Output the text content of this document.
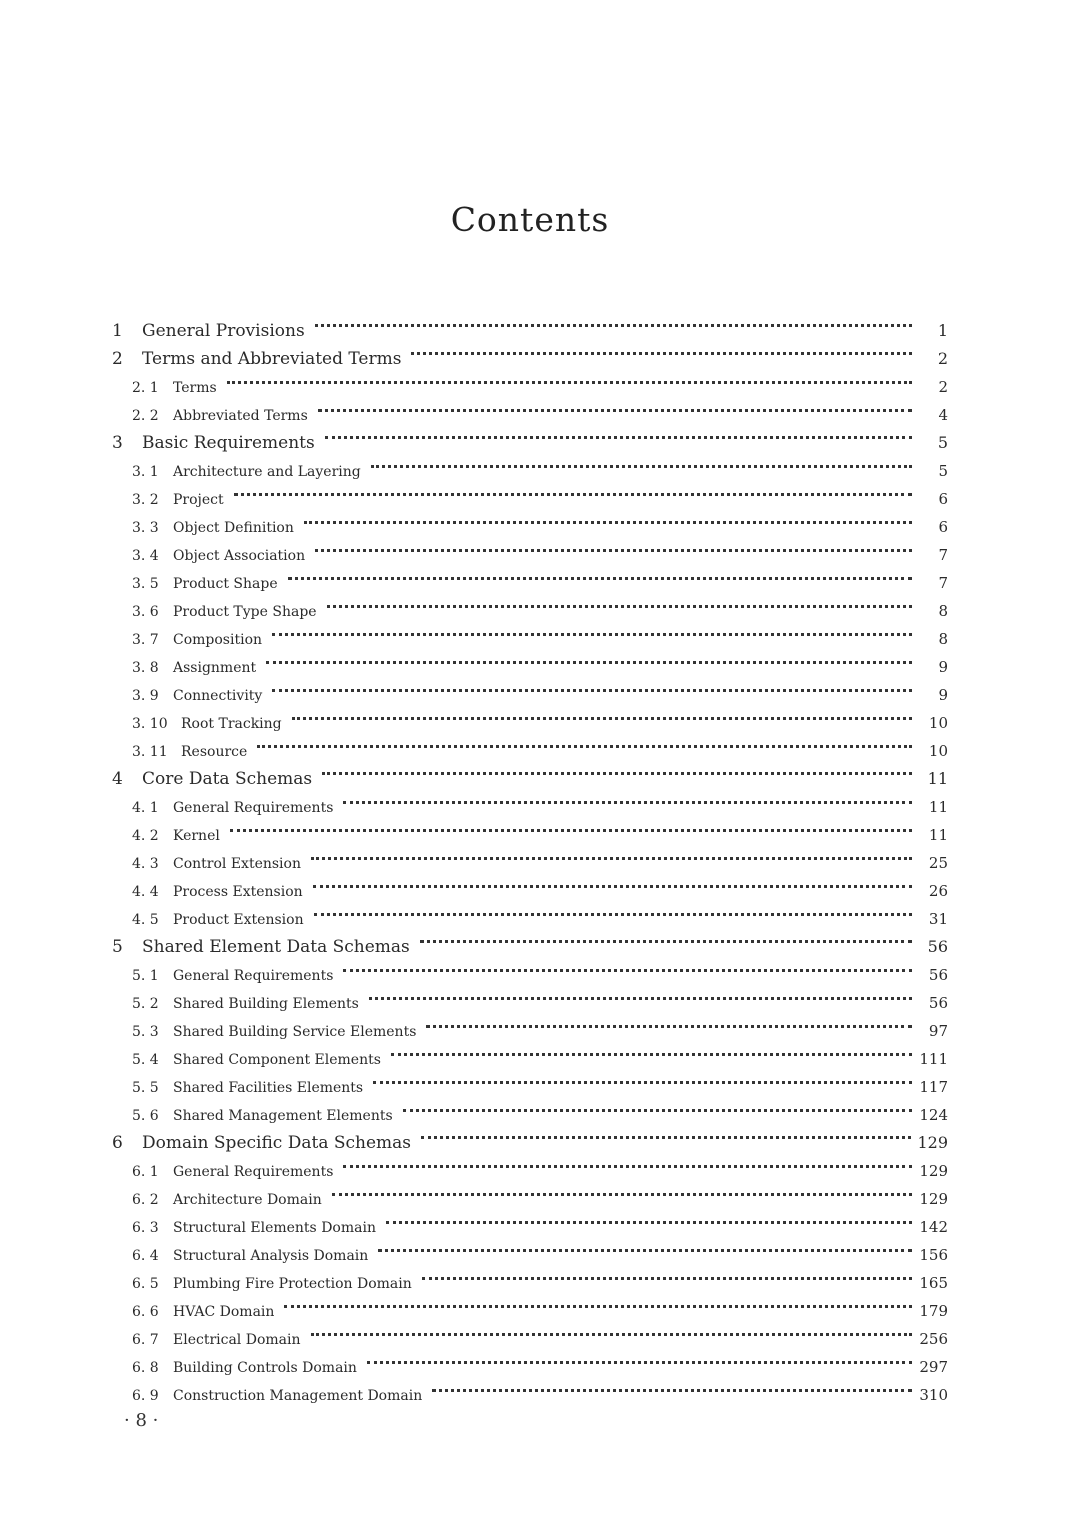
Contents
1	General Provisions	1
2	Terms and Abbreviated Terms	2
2. 1	Terms	2
2. 2	Abbreviated Terms	4
3	Basic Requirements	5
3. 1	Architecture and Layering	5
3. 2	Project	6
3. 3	Object Definition	6
3. 4	Object Association	7
3. 5	Product Shape	7
3. 6	Product Type Shape	8
3. 7	Composition	8
3. 8	Assignment	9
3. 9	Connectivity	9
3. 10 Root Tracking	10
3. 11 Resource	10
4	Core Data Schemas	11
4. 1	General Requirements	11
4. 2	Kernel	11
4. 3	Control Extension	25
4. 4	Process Extension	26
4. 5	Product Extension	31
5	Shared Element Data Schemas	56
5. 1	General Requirements	56
5. 2	Shared Building Elements	56
5. 3	Shared Building Service Elements	97
5. 4	Shared Component Elements	111
5. 5	Shared Facilities Elements	117
5. 6	Shared Management Elements	124
6	Domain Specific Data Schemas	129
6. 1	General Requirements	129
6. 2	Architecture Domain	129
6. 3	Structural Elements Domain	142
6. 4	Structural Analysis Domain	156
6. 5	Plumbing Fire Protection Domain	165
6. 6	HVAC Domain	179
6. 7	Electrical Domain	256
6. 8	Building Controls Domain	297
6. 9	Construction Management Domain	310
· 8 ·
